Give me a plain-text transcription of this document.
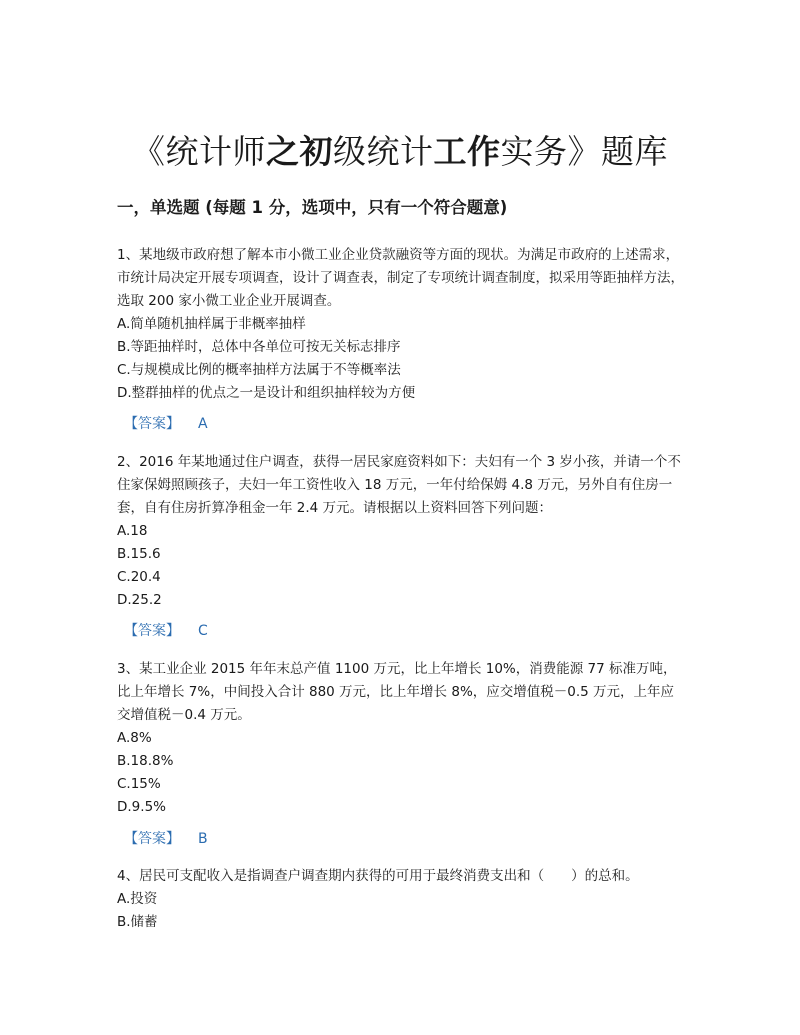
《统计师之初级统计工作实务》题库
一，单选题 (每题 1 分，选项中，只有一个符合题意)

1、某地级市政府想了解本市小微工业企业贷款融资等方面的现状。为满足市政府的上述需求，市统计局决定开展专项调查，设计了调查表，制定了专项统计调查制度，拟采用等距抽样方法，选取 200 家小微工业企业开展调查。

A.简单随机抽样属于非概率抽样

B.等距抽样时，总体中各单位可按无关标志排序

C.与规模成比例的概率抽样方法属于不等概率法

D.整群抽样的优点之一是设计和组织抽样较为方便

【答案】 A

2、2016 年某地通过住户调查，获得一居民家庭资料如下：夫妇有一个 3 岁小孩，并请一个不住家保姆照顾孩子，夫妇一年工资性收入 18 万元，一年付给保姆 4.8 万元，另外自有住房一套，自有住房折算净租金一年 2.4 万元。请根据以上资料回答下列问题：

A.18

B.15.6

C.20.4

D.25.2

【答案】 C

3、某工业企业 2015 年年末总产值 1100 万元，比上年增长 10%，消费能源 77 标准万吨，比上年增长 7%，中间投入合计 880 万元，比上年增长 8%，应交增值税－0.5 万元，上年应交增值税－0.4 万元。

A.8%

B.18.8%

C.15%

D.9.5%

【答案】 B

4、居民可支配收入是指调查户调查期内获得的可用于最终消费支出和（　　）的总和。

A.投资

B.储蓄
